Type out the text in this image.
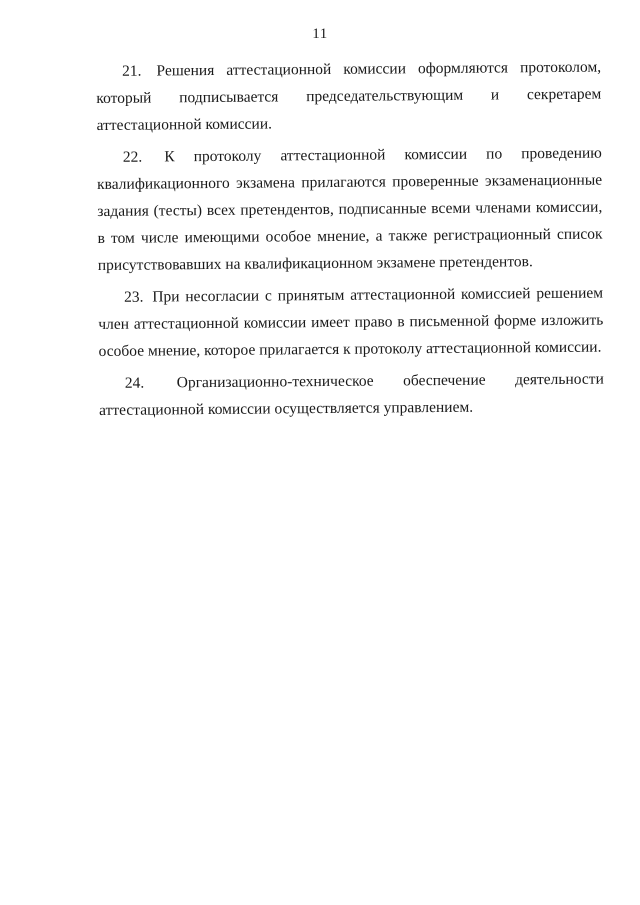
11

21. Решения аттестационной комиссии оформляются протоколом, который подписывается председательствующим и секретарем аттестационной комиссии.

22. К протоколу аттестационной комиссии по проведению квалификационного экзамена прилагаются проверенные экзаменационные задания (тесты) всех претендентов, подписанные всеми членами комиссии, в том числе имеющими особое мнение, а также регистрационный список присутствовавших на квалификационном экзамене претендентов.

23. При несогласии с принятым аттестационной комиссией решением член аттестационной комиссии имеет право в письменной форме изложить особое мнение, которое прилагается к протоколу аттестационной комиссии.

24. Организационно-техническое обеспечение деятельности аттестационной комиссии осуществляется управлением.
